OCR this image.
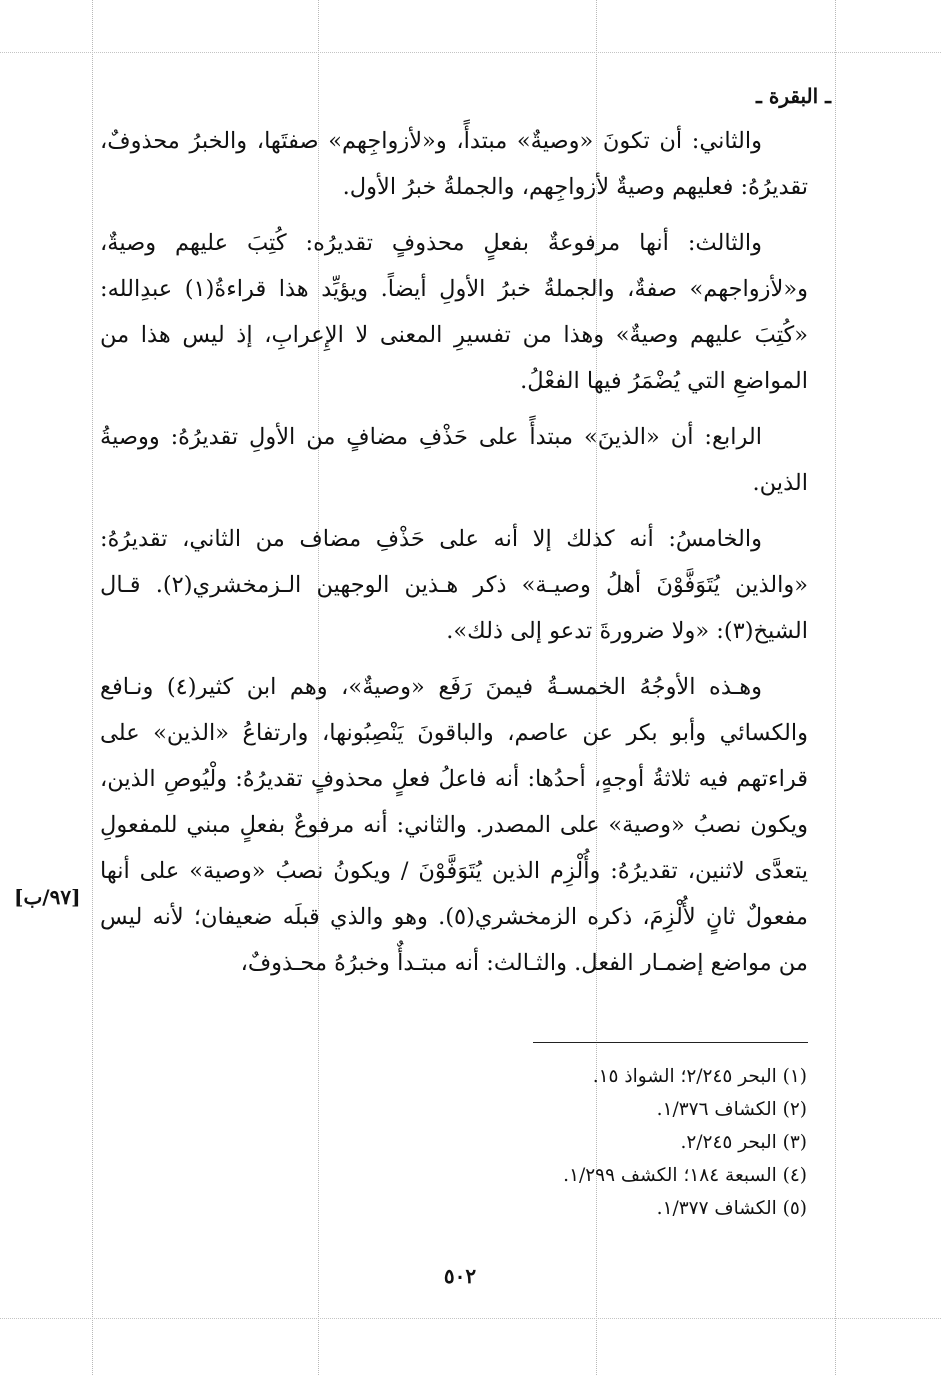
ـ البقرة ـ

والثاني: أن تكونَ «وصيةٌ» مبتدأً، و«لأزواجِهم» صفتَها، والخبرُ محذوفٌ، تقديرُهُ: فعليهم وصيةٌ لأزواجِهم، والجملةُ خبرُ الأول.

والثالث: أنها مرفوعةٌ بفعلٍ محذوفٍ تقديرُه: كُتِبَ عليهم وصيةٌ، و«لأزواجهم» صفةٌ، والجملةُ خبرُ الأولِ أيضاً. ويؤيِّد هذا قراءةُ(١) عبدِالله: «كُتِبَ عليهم وصيةٌ» وهذا من تفسيرِ المعنى لا الإِعرابِ، إذ ليس هذا من المواضعِ التي يُضْمَرُ فيها الفعْلُ.

الرابع: أن «الذينَ» مبتدأً على حَذْفِ مضافٍ من الأولِ تقديرُهُ: ووصيةُ الذين.

والخامسُ: أنه كذلك إلا أنه على حَذْفِ مضاف من الثاني، تقديرُهُ: «والذين يُتَوَفَّوْنَ أهلُ وصيـة» ذكر هـذين الوجهين الـزمخشري(٢). قـال الشيخ(٣): «ولا ضرورةَ تدعو إلى ذلك».

وهـذه الأوجُهُ الخمسـةُ فيمنَ رَفَع «وصيةٌ»، وهم ابن كثير(٤) ونـافع والكسائي وأبو بكر عن عاصم، والباقونَ يَنْصِبُونها، وارتفاعُ «الذين» على قراءتهم فيه ثلاثةُ أوجهٍ، أحدُها: أنه فاعلُ فعلٍ محذوفٍ تقديرُهُ: ولْيُوصِ الذين، ويكون نصبُ «وصية» على المصدر. والثاني: أنه مرفوعٌ بفعلٍ مبني للمفعولِ يتعدَّى لاثنين، تقديرُهُ: وأُلْزِم الذين يُتَوَفَّوْنَ / ويكونُ نصبُ «وصية» على أنها مفعولٌ ثانٍ لأُلْزِمَ، ذكره الزمخشري(٥). وهو والذي قبلَه ضعيفان؛ لأنه ليس من مواضع إضمـار الفعل. والثـالث: أنه مبتـدأٌ وخبرُهُ محـذوفٌ،

[٩٧/ب]
(١) البحر ٢/٢٤٥؛ الشواذ ١٥.
(٢) الكشاف ١/٣٧٦.
(٣) البحر ٢/٢٤٥.
(٤) السبعة ١٨٤؛ الكشف ١/٢٩٩.
(٥) الكشاف ١/٣٧٧.
٥٠٢
